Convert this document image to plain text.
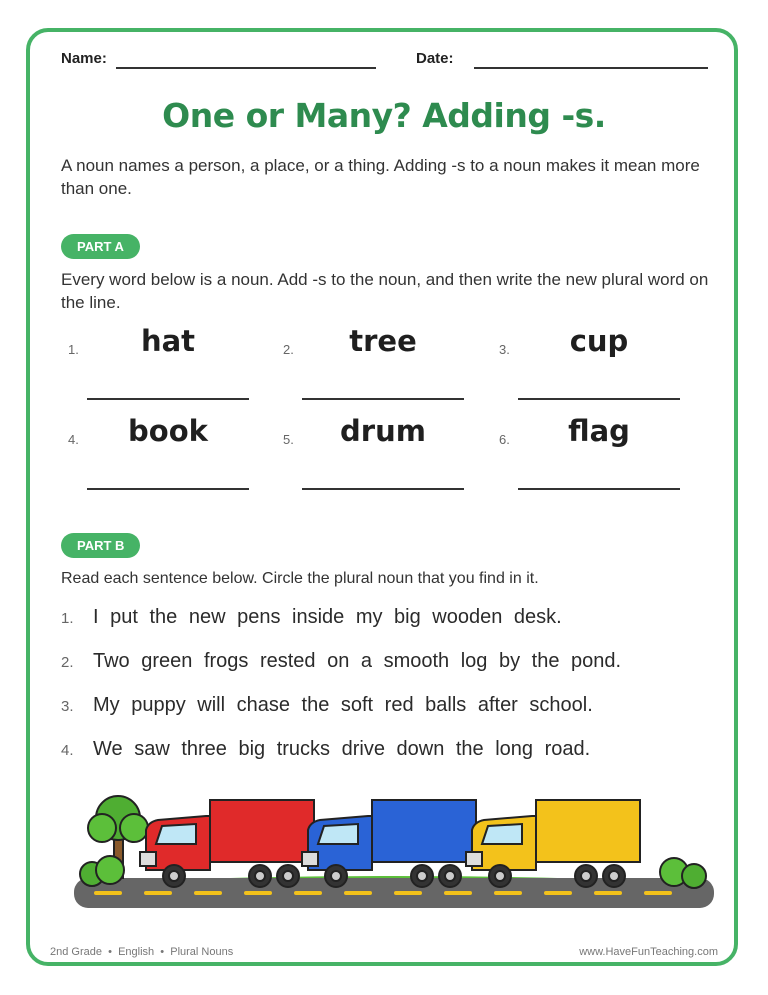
Name:	Date:
One or Many? Adding -s.
A noun names a person, a place, or a thing. Adding -s to a noun makes it mean more than one.
PART A
Every word below is a noun. Add -s to the noun, and then write the new plural word on the line.
1.	hat	2.	tree	3.	cup
4.	book	5.	drum	6.	flag
PART B
Read each sentence below. Circle the plural noun that you find in it.
1. I put the new pens inside my big wooden desk.
2. Two green frogs rested on a smooth log by the pond.
3. My puppy will chase the soft red balls after school.
4. We saw three big trucks drive down the long road.
2nd Grade  •  English  •  Plural Nouns	www.HaveFunTeaching.com
